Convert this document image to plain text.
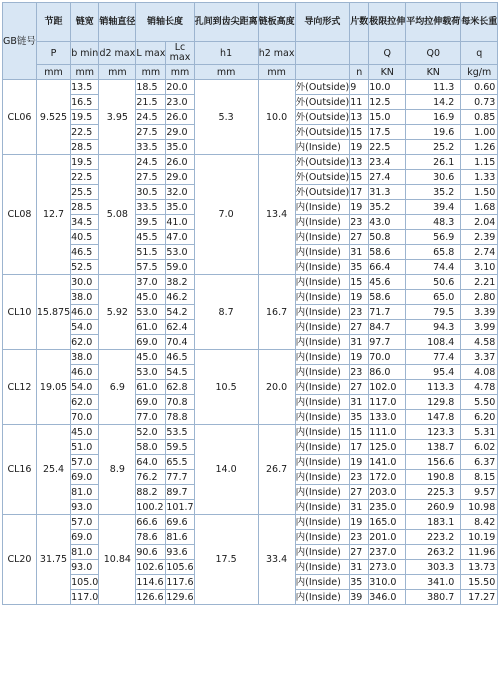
GB链号	节距	链宽	销轴直径	销轴长度		孔间到齿尖距离	链板高度	导向形式	片数	极限拉伸	平均拉伸载荷	每米长重
	P	b min	d2 max	L max	Lc max	h1	h2 max			Q	Q0	q
	mm	mm	mm	mm	mm	mm	mm		n	KN	KN	kg/m
CL06	9.525	13.5	3.95	18.5	20.0	5.3	10.0	外(Outside)	9	10.0	11.3	0.60
		16.5		21.5	23.0			外(Outside)	11	12.5	14.2	0.73
		19.5		24.5	26.0			外(Outside)	13	15.0	16.9	0.85
		22.5		27.5	29.0			外(Outside)	15	17.5	19.6	1.00
		28.5		33.5	35.0			内(Inside)	19	22.5	25.2	1.26
CL08	12.7	19.5	5.08	24.5	26.0	7.0	13.4	外(Outside)	13	23.4	26.1	1.15
		22.5		27.5	29.0			外(Outside)	15	27.4	30.6	1.33
		25.5		30.5	32.0			外(Outside)	17	31.3	35.2	1.50
		28.5		33.5	35.0			内(Inside)	19	35.2	39.4	1.68
		34.5		39.5	41.0			内(Inside)	23	43.0	48.3	2.04
		40.5		45.5	47.0			内(Inside)	27	50.8	56.9	2.39
		46.5		51.5	53.0			内(Inside)	31	58.6	65.8	2.74
		52.5		57.5	59.0			内(Inside)	35	66.4	74.4	3.10
CL10	15.875	30.0	5.92	37.0	38.2	8.7	16.7	内(Inside)	15	45.6	50.6	2.21
		38.0		45.0	46.2			内(Inside)	19	58.6	65.0	2.80
		46.0		53.0	54.2			内(Inside)	23	71.7	79.5	3.39
		54.0		61.0	62.4			内(Inside)	27	84.7	94.3	3.99
		62.0		69.0	70.4			内(Inside)	31	97.7	108.4	4.58
CL12	19.05	38.0	6.9	45.0	46.5	10.5	20.0	内(Inside)	19	70.0	77.4	3.37
		46.0		53.0	54.5			内(Inside)	23	86.0	95.4	4.08
		54.0		61.0	62.8			内(Inside)	27	102.0	113.3	4.78
		62.0		69.0	70.8			内(Inside)	31	117.0	129.8	5.50
		70.0		77.0	78.8			内(Inside)	35	133.0	147.8	6.20
CL16	25.4	45.0	8.9	52.0	53.5	14.0	26.7	内(Inside)	15	111.0	123.3	5.31
		51.0		58.0	59.5			内(Inside)	17	125.0	138.7	6.02
		57.0		64.0	65.5			内(Inside)	19	141.0	156.6	6.37
		69.0		76.2	77.7			内(Inside)	23	172.0	190.8	8.15
		81.0		88.2	89.7			内(Inside)	27	203.0	225.3	9.57
		93.0		100.2	101.7			内(Inside)	31	235.0	260.9	10.98
CL20	31.75	57.0	10.84	66.6	69.6	17.5	33.4	内(Inside)	19	165.0	183.1	8.42
		69.0		78.6	81.6			内(Inside)	23	201.0	223.2	10.19
		81.0		90.6	93.6			内(Inside)	27	237.0	263.2	11.96
		93.0		102.6	105.6			内(Inside)	31	273.0	303.3	13.73
		105.0		114.6	117.6			内(Inside)	35	310.0	341.0	15.50
		117.0		126.6	129.6			内(Inside)	39	346.0	380.7	17.27
